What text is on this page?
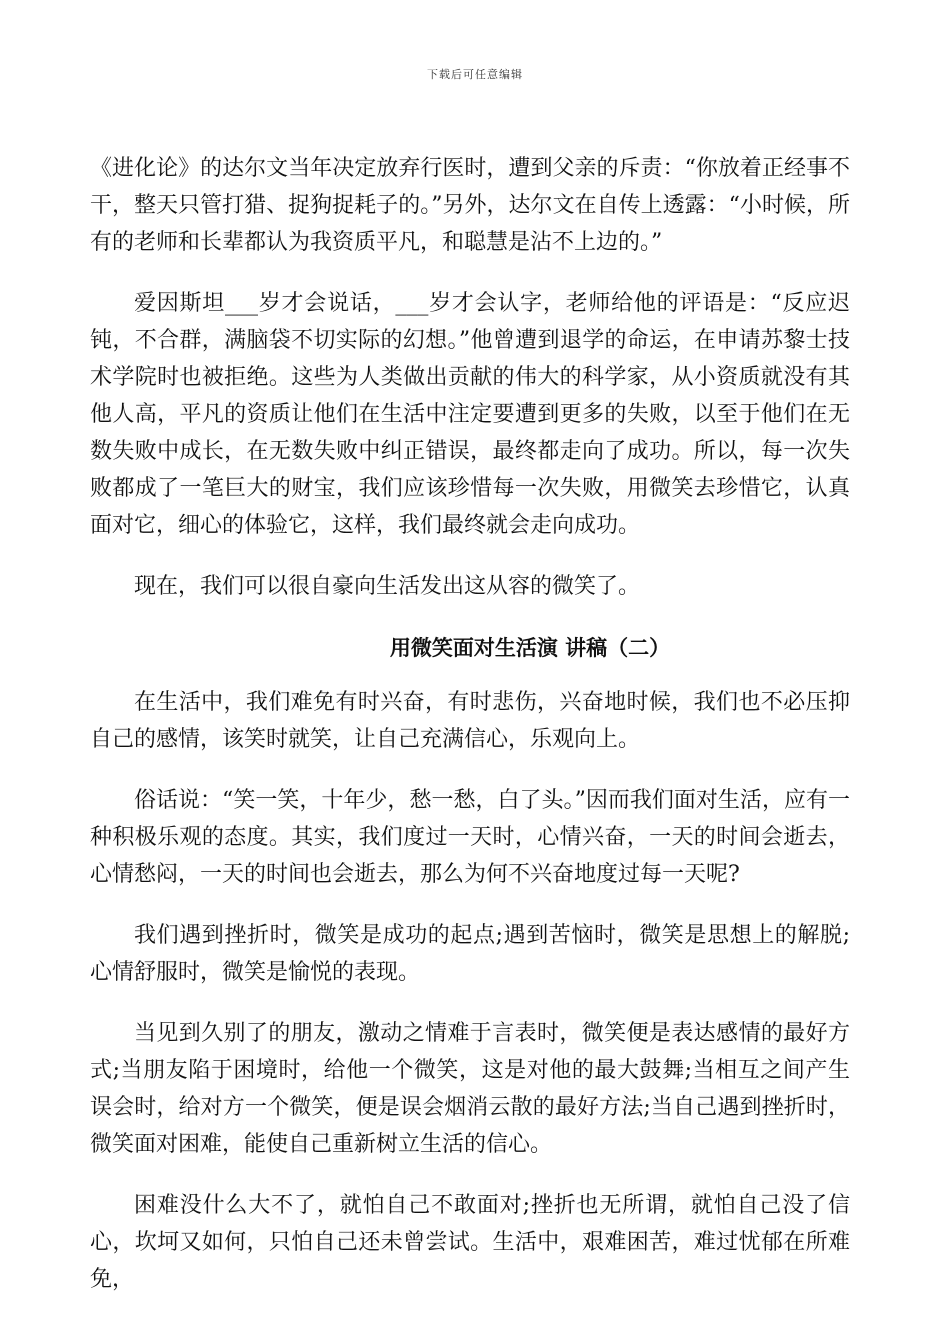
下载后可任意编辑

《进化论》的达尔文当年决定放弃行医时，遭到父亲的斥责：“你放着正经事不干，整天只管打猎、捉狗捉耗子的。”另外，达尔文在自传上透露：“小时候，所有的老师和长辈都认为我资质平凡，和聪慧是沾不上边的。”

爱因斯坦___岁才会说话，___岁才会认字，老师给他的评语是：“反应迟钝，不合群，满脑袋不切实际的幻想。”他曾遭到退学的命运，在申请苏黎士技术学院时也被拒绝。这些为人类做出贡献的伟大的科学家，从小资质就没有其他人高，平凡的资质让他们在生活中注定要遭到更多的失败，以至于他们在无数失败中成长，在无数失败中纠正错误，最终都走向了成功。所以，每一次失败都成了一笔巨大的财宝，我们应该珍惜每一次失败，用微笑去珍惜它，认真面对它，细心的体验它，这样，我们最终就会走向成功。

现在，我们可以很自豪向生活发出这从容的微笑了。

用微笑面对生活演 讲稿（二）

在生活中，我们难免有时兴奋，有时悲伤，兴奋地时候，我们也不必压抑自己的感情，该笑时就笑，让自己充满信心，乐观向上。

俗话说：“笑一笑，十年少，愁一愁，白了头。”因而我们面对生活，应有一种积极乐观的态度。其实，我们度过一天时，心情兴奋，一天的时间会逝去，心情愁闷，一天的时间也会逝去，那么为何不兴奋地度过每一天呢?

我们遇到挫折时，微笑是成功的起点;遇到苦恼时，微笑是思想上的解脱;心情舒服时，微笑是愉悦的表现。

当见到久别了的朋友，激动之情难于言表时，微笑便是表达感情的最好方式;当朋友陷于困境时，给他一个微笑，这是对他的最大鼓舞;当相互之间产生误会时，给对方一个微笑，便是误会烟消云散的最好方法;当自己遇到挫折时，微笑面对困难，能使自己重新树立生活的信心。

困难没什么大不了，就怕自己不敢面对;挫折也无所谓，就怕自己没了信心，坎坷又如何，只怕自己还未曾尝试。生活中，艰难困苦，难过忧郁在所难免，
